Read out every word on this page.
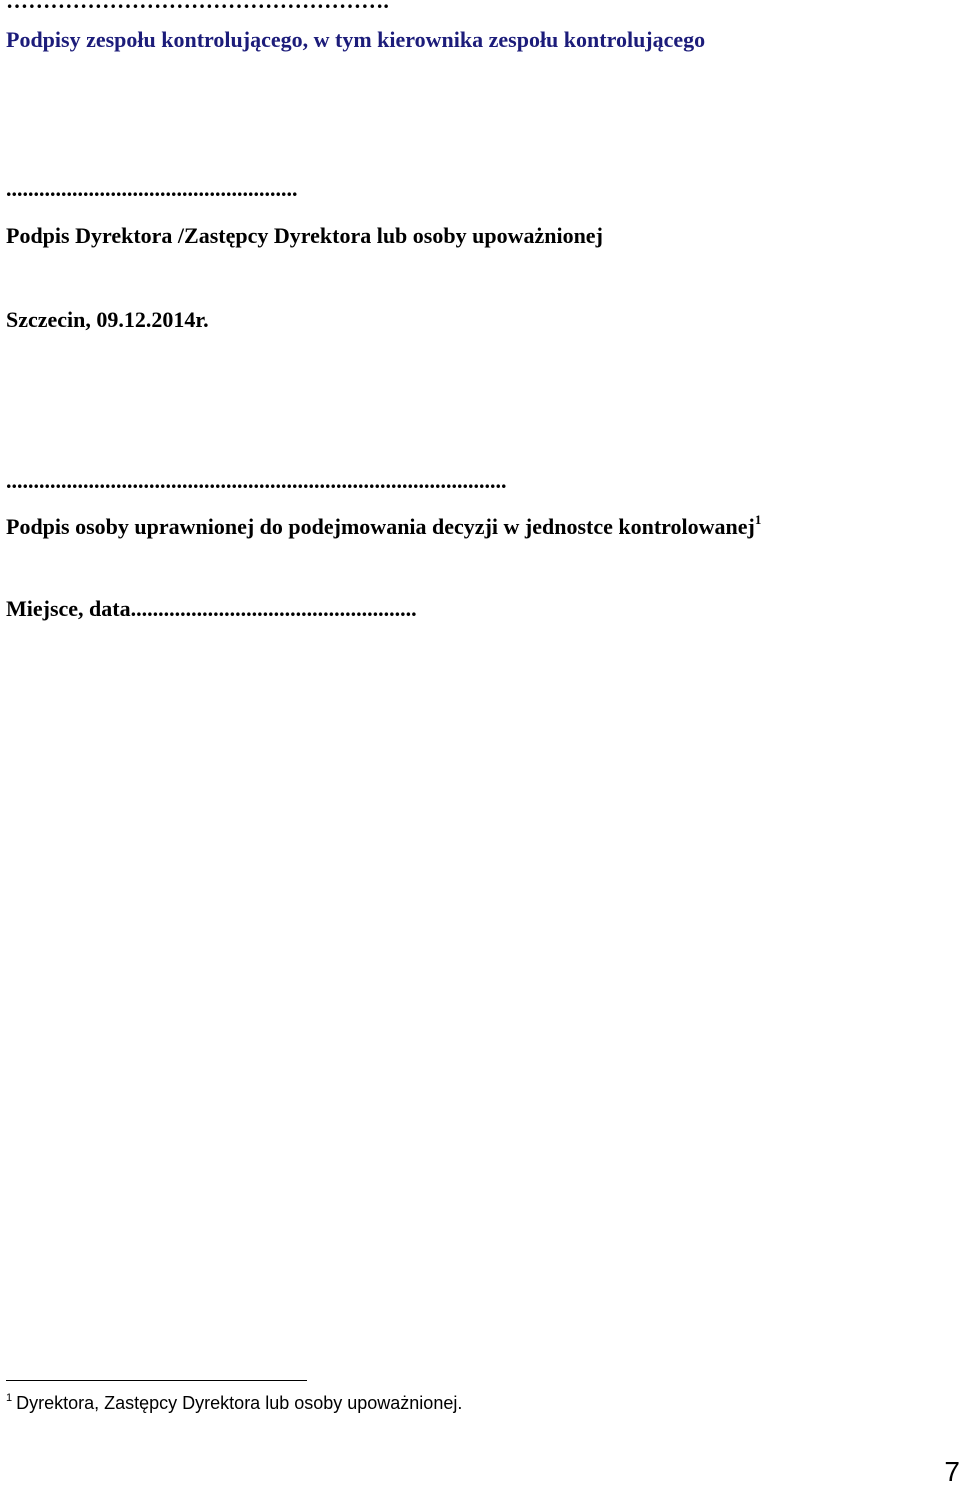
…………………………………………….
Podpisy zespołu kontrolującego, w tym kierownika zespołu kontrolującego
.....................................................
Podpis Dyrektora /Zastępcy Dyrektora lub osoby upoważnionej
Szczecin, 09.12.2014r.
...........................................................................................
Podpis osoby uprawnionej do podejmowania decyzji w jednostce kontrolowanej$^1$
Miejsce, data....................................................
$^1$ Dyrektora, Zastępcy Dyrektora lub osoby upoważnionej.
7
